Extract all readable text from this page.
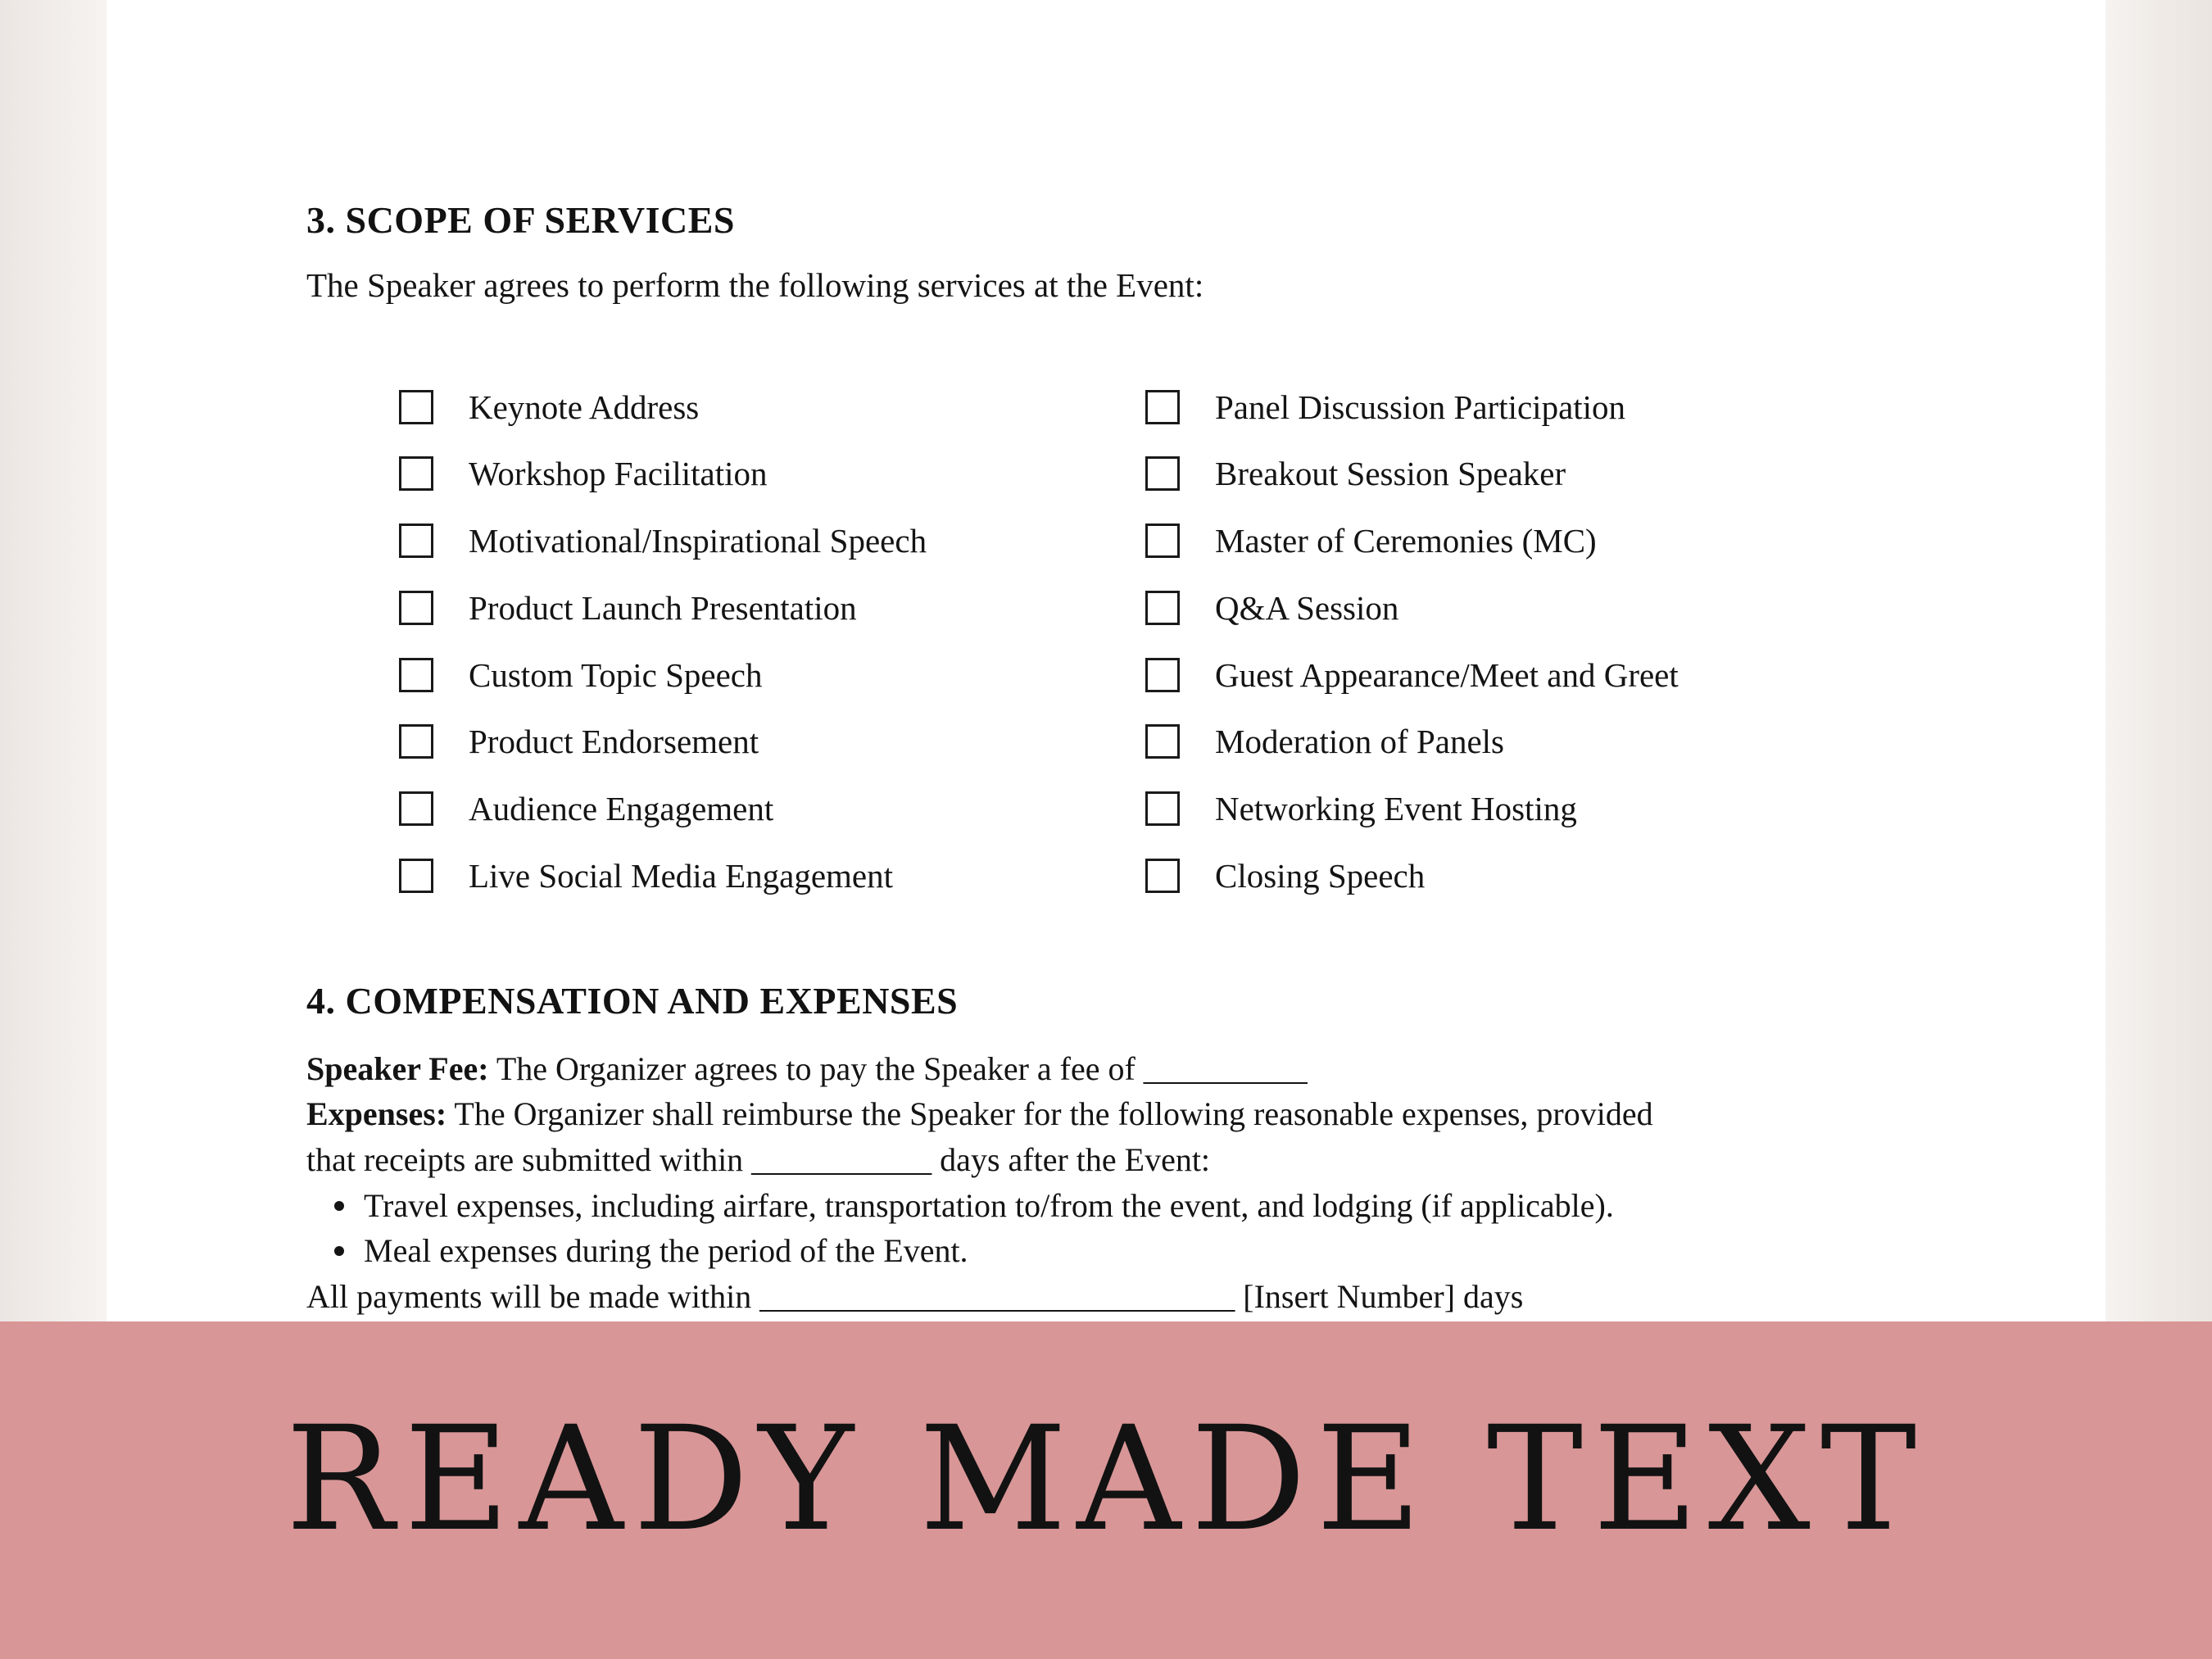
3. SCOPE OF SERVICES
The Speaker agrees to perform the following services at the Event:
Keynote Address
Workshop Facilitation
Motivational/Inspirational Speech
Product Launch Presentation
Custom Topic Speech
Product Endorsement
Audience Engagement
Live Social Media Engagement
Panel Discussion Participation
Breakout Session Speaker
Master of Ceremonies (MC)
Q&A Session
Guest Appearance/Meet and Greet
Moderation of Panels
Networking Event Hosting
Closing Speech
4. COMPENSATION AND EXPENSES
Speaker Fee: The Organizer agrees to pay the Speaker a fee of __________
Expenses: The Organizer shall reimburse the Speaker for the following reasonable expenses, provided
that receipts are submitted within ___________ days after the Event:
Travel expenses, including airfare, transportation to/from the event, and lodging (if applicable).
Meal expenses during the period of the Event.
All payments will be made within _____________________________ [Insert Number] days
READY MADE TEXT
